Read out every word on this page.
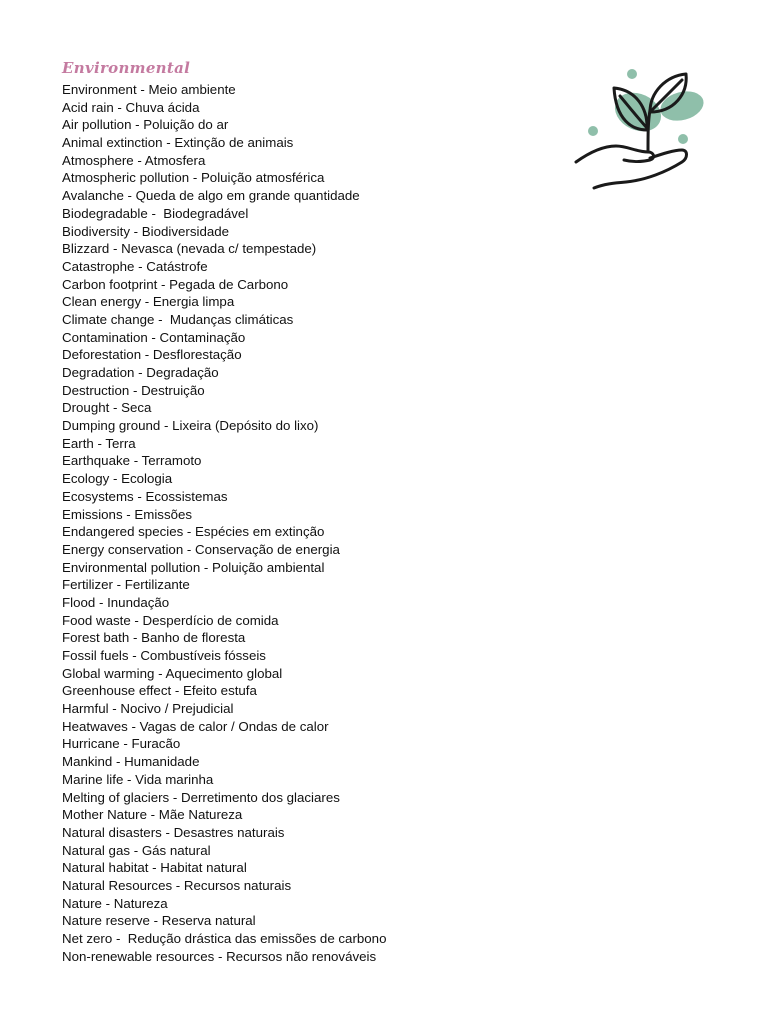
Environmental
Environment - Meio ambiente
Acid rain - Chuva ácida
Air pollution - Poluição do ar
Animal extinction - Extinção de animais
Atmosphere - Atmosfera
Atmospheric pollution - Poluição atmosférica
Avalanche - Queda de algo em grande quantidade
Biodegradable -  Biodegradável
Biodiversity - Biodiversidade
Blizzard - Nevasca (nevada c/ tempestade)
Catastrophe - Catástrofe
Carbon footprint - Pegada de Carbono
Clean energy - Energia limpa
Climate change -  Mudanças climáticas
Contamination - Contaminação
Deforestation - Desflorestação
Degradation - Degradação
Destruction - Destruição
Drought - Seca
Dumping ground - Lixeira (Depósito do lixo)
Earth - Terra
Earthquake - Terramoto
Ecology - Ecologia
Ecosystems - Ecossistemas
Emissions - Emissões
Endangered species - Espécies em extinção
Energy conservation - Conservação de energia
Environmental pollution - Poluição ambiental
Fertilizer - Fertilizante
Flood - Inundação
Food waste - Desperdício de comida
Forest bath - Banho de floresta
Fossil fuels - Combustíveis fósseis
Global warming - Aquecimento global
Greenhouse effect - Efeito estufa
Harmful - Nocivo / Prejudicial
Heatwaves - Vagas de calor / Ondas de calor
Hurricane - Furacão
Mankind - Humanidade
Marine life - Vida marinha
Melting of glaciers - Derretimento dos glaciares
Mother Nature - Mãe Natureza
Natural disasters - Desastres naturais
Natural gas - Gás natural
Natural habitat - Habitat natural
Natural Resources - Recursos naturais
Nature - Natureza
Nature reserve - Reserva natural
Net zero -  Redução drástica das emissões de carbono
Non-renewable resources - Recursos não renováveis
